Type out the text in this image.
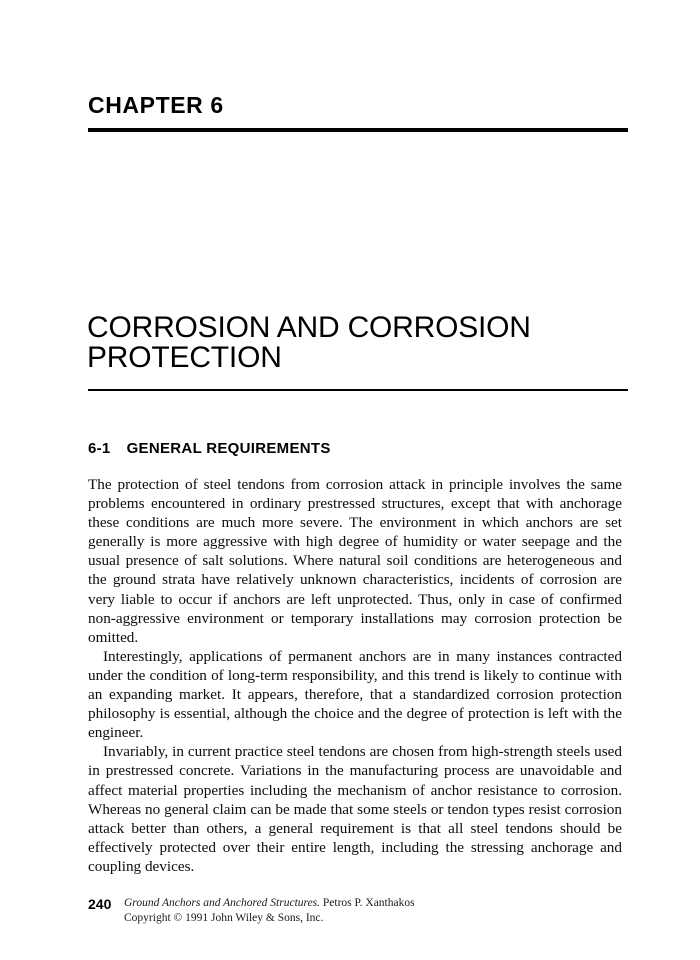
CHAPTER 6
CORROSION AND CORROSION
PROTECTION
6-1 GENERAL REQUIREMENTS

The protection of steel tendons from corrosion attack in principle involves the same problems encountered in ordinary prestressed structures, except that with anchorage these conditions are much more severe. The environment in which anchors are set generally is more aggressive with high degree of humidity or water seepage and the usual presence of salt solutions. Where natural soil conditions are heterogeneous and the ground strata have relatively unknown characteristics, incidents of corrosion are very liable to occur if anchors are left unprotected. Thus, only in case of confirmed non-aggressive environment or temporary installations may corrosion protection be omitted.

Interestingly, applications of permanent anchors are in many instances contracted under the condition of long-term responsibility, and this trend is likely to continue with an expanding market. It appears, therefore, that a standardized corrosion protection philosophy is essential, although the choice and the degree of protection is left with the engineer.

Invariably, in current practice steel tendons are chosen from high-strength steels used in prestressed concrete. Variations in the manufacturing process are unavoidable and affect material properties including the mechanism of anchor resistance to corrosion. Whereas no general claim can be made that some steels or tendon types resist corrosion attack better than others, a general requirement is that all steel tendons should be effectively protected over their entire length, including the stressing anchorage and coupling devices.

240 Ground Anchors and Anchored Structures. Petros P. Xanthakos
Copyright © 1991 John Wiley & Sons, Inc.
